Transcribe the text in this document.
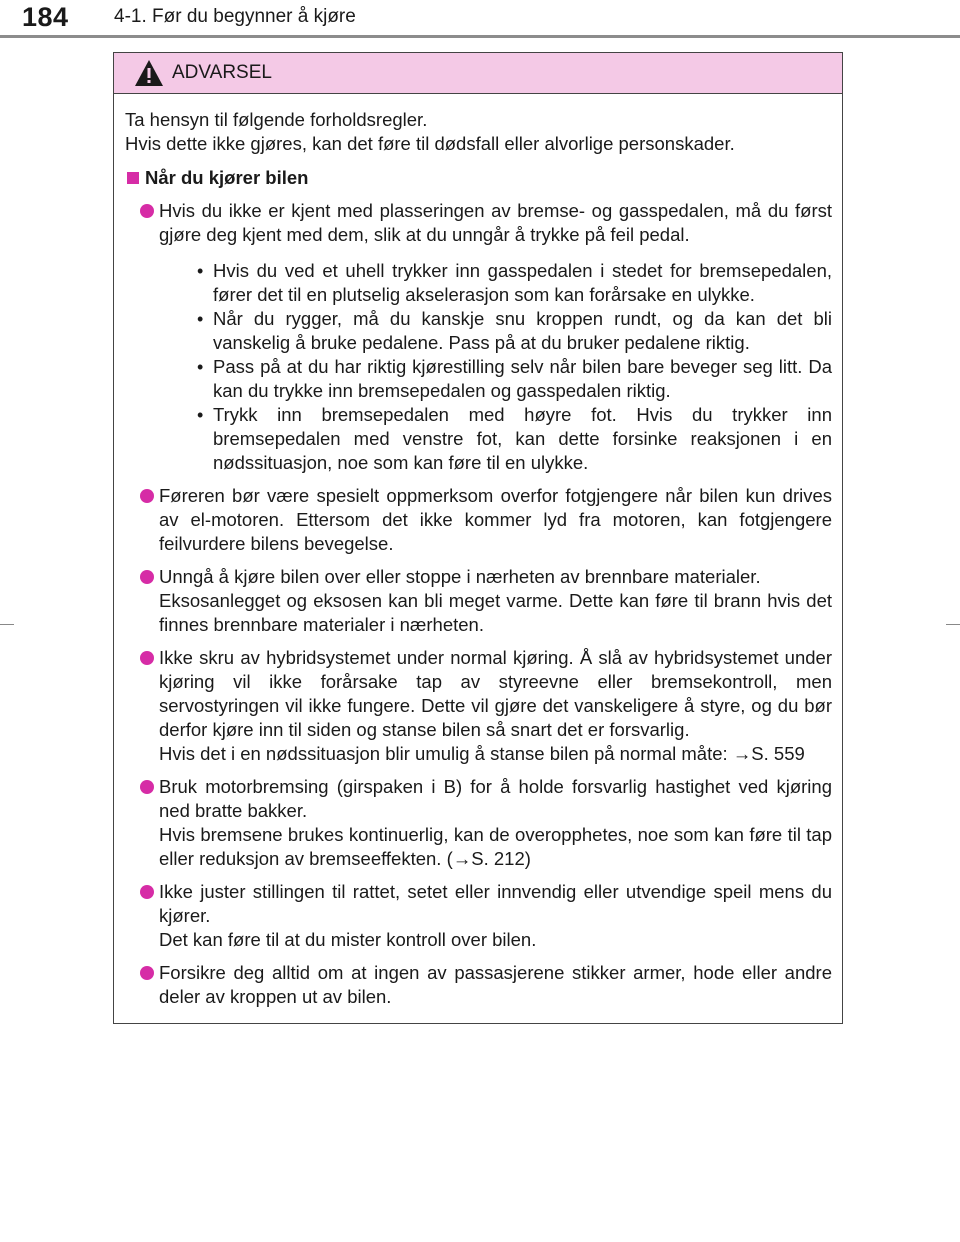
184 4-1. Før du begynner å kjøre
ADVARSEL

Ta hensyn til følgende forholdsregler.

Hvis dette ikke gjøres, kan det føre til dødsfall eller alvorlige personskader.

Når du kjører bilen

Hvis du ikke er kjent med plasseringen av bremse- og gasspedalen, må du først gjøre deg kjent med dem, slik at du unngår å trykke på feil pedal.

• Hvis du ved et uhell trykker inn gasspedalen i stedet for bremsepedalen, fører det til en plutselig akselerasjon som kan forårsake en ulykke.
• Når du rygger, må du kanskje snu kroppen rundt, og da kan det bli vanskelig å bruke pedalene. Pass på at du bruker pedalene riktig.
• Pass på at du har riktig kjørestilling selv når bilen bare beveger seg litt. Da kan du trykke inn bremsepedalen og gasspedalen riktig.
• Trykk inn bremsepedalen med høyre fot. Hvis du trykker inn bremsepedalen med venstre fot, kan dette forsinke reaksjonen i en nødssituasjon, noe som kan føre til en ulykke.

Føreren bør være spesielt oppmerksom overfor fotgjengere når bilen kun drives av el-motoren. Ettersom det ikke kommer lyd fra motoren, kan fotgjengere feilvurdere bilens bevegelse.

Unngå å kjøre bilen over eller stoppe i nærheten av brennbare materialer.

Eksosanlegget og eksosen kan bli meget varme. Dette kan føre til brann hvis det finnes brennbare materialer i nærheten.

Ikke skru av hybridsystemet under normal kjøring. Å slå av hybridsystemet under kjøring vil ikke forårsake tap av styreevne eller bremsekontroll, men servostyringen vil ikke fungere. Dette vil gjøre det vanskeligere å styre, og du bør derfor kjøre inn til siden og stanse bilen så snart det er forsvarlig.

Hvis det i en nødssituasjon blir umulig å stanse bilen på normal måte: →S. 559

Bruk motorbremsing (girspaken i B) for å holde forsvarlig hastighet ved kjøring ned bratte bakker.

Hvis bremsene brukes kontinuerlig, kan de overopphetes, noe som kan føre til tap eller reduksjon av bremseeffekten. (→S. 212)

Ikke juster stillingen til rattet, setet eller innvendig eller utvendige speil mens du kjører.

Det kan føre til at du mister kontroll over bilen.

Forsikre deg alltid om at ingen av passasjerene stikker armer, hode eller andre deler av kroppen ut av bilen.
